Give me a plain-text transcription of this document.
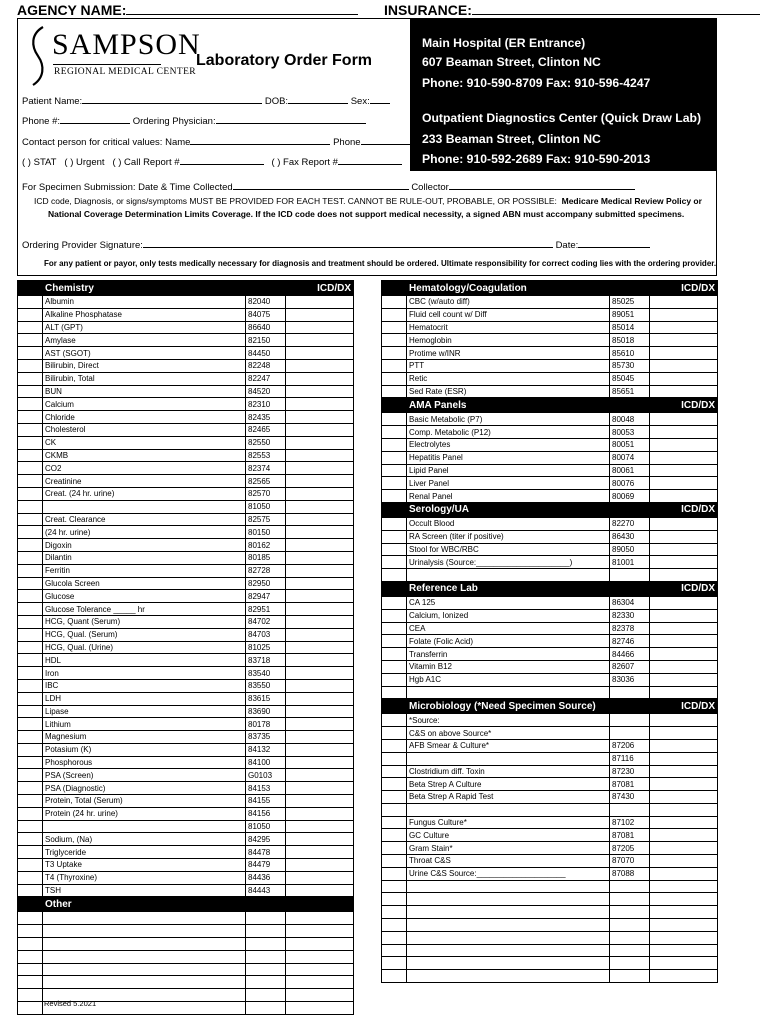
AGENCY NAME:	INSURANCE:
Main Hospital (ER Entrance)
607 Beaman Street, Clinton NC
Phone: 910-590-8709 Fax: 910-596-4247
Outpatient Diagnostics Center (Quick Draw Lab)
233 Beaman Street, Clinton NC
Phone: 910-592-2689 Fax: 910-590-2013
SAMPSON
REGIONAL MEDICAL CENTER
Laboratory Order Form
Patient Name:	DOB:	Sex:
Phone #:	Ordering Physician:
Contact person for critical values: Name	Phone
( ) STAT ( ) Urgent ( ) Call Report #	( ) Fax Report #
For Specimen Submission: Date & Time Collected	Collector
ICD code, Diagnosis, or signs/symptoms MUST BE PROVIDED FOR EACH TEST. CANNOT BE RULE-OUT, PROBABLE, OR POSSIBLE: Medicare Medical Review Policy or
National Coverage Determination Limits Coverage. If the ICD code does not support medical necessity, a signed ABN must accompany submitted specimens.
Ordering Provider Signature:	Date:
For any patient or payor, only tests medically necessary for diagnosis and treatment should be ordered. Ultimate responsibility for correct coding lies with the ordering provider.
	Chemistry		ICD/DX
	Albumin	82040	
	Alkaline Phosphatase	84075	
	ALT (GPT)	86640	
	Amylase	82150	
	AST (SGOT)	84450	
	Bilirubin, Direct	82248	
	Bilirubin, Total	82247	
	BUN	84520	
	Calcium	82310	
	Chloride	82435	
	Cholesterol	82465	
	CK	82550	
	CKMB	82553	
	CO2	82374	
	Creatinine	82565	
	Creat. (24 hr. urine)	82570	
		81050	
	Creat. Clearance	82575	
	(24 hr. urine)	80150	
	Digoxin	80162	
	Dilantin	80185	
	Ferritin	82728	
	Glucola Screen	82950	
	Glucose	82947	
	Glucose Tolerance _____ hr	82951	
	HCG, Quant (Serum)	84702	
	HCG, Qual. (Serum)	84703	
	HCG, Qual. (Urine)	81025	
	HDL	83718	
	Iron	83540	
	IBC	83550	
	LDH	83615	
	Lipase	83690	
	Lithium	80178	
	Magnesium	83735	
	Potasium (K)	84132	
	Phosphorous	84100	
	PSA (Screen)	G0103	
	PSA (Diagnostic)	84153	
	Protein, Total (Serum)	84155	
	Protein (24 hr. urine)	84156	
		81050	
	Sodium, (Na)	84295	
	Triglyceride	84478	
	T3 Uptake	84479	
	T4 (Thyroxine)	84436	
	TSH	84443	
	Other		

	Hematology/Coagulation		ICD/DX
	CBC (w/auto diff)	85025	
	Fluid cell count w/ Diff	89051	
	Hematocrit	85014	
	Hemoglobin	85018	
	Protime w/INR	85610	
	PTT	85730	
	Retic	85045	
	Sed Rate (ESR)	85651	
	AMA Panels		ICD/DX
	Basic Metabolic (P7)	80048	
	Comp. Metabolic (P12)	80053	
	Electrolytes	80051	
	Hepatitis Panel	80074	
	Lipid Panel	80061	
	Liver Panel	80076	
	Renal Panel	80069	
	Serology/UA		ICD/DX
	Occult Blood	82270	
	RA Screen (titer if positive)	86430	
	Stool for WBC/RBC	89050	
	Urinalysis (Source:_____________________)	81001	

	Reference Lab		ICD/DX
	CA 125	86304	
	Calcium, Ionized	82330	
	CEA	82378	
	Folate (Folic Acid)	82746	
	Transferrin	84466	
	Vitamin B12	82607	
	Hgb A1C	83036	

	Microbiology (*Need Specimen Source)		ICD/DX
	*Source:		
	C&S on above Source*		
	AFB Smear & Culture*	87206	
		87116	
	Clostridium diff. Toxin	87230	
	Beta Strep A Culture	87081	
	Beta Strep A Rapid Test	87430	

	Fungus Culture*	87102	
	GC Culture	87081	
	Gram Stain*	87205	
	Throat C&S	87070	
	Urine C&S Source:____________________	87088	

Revised 5.2021
